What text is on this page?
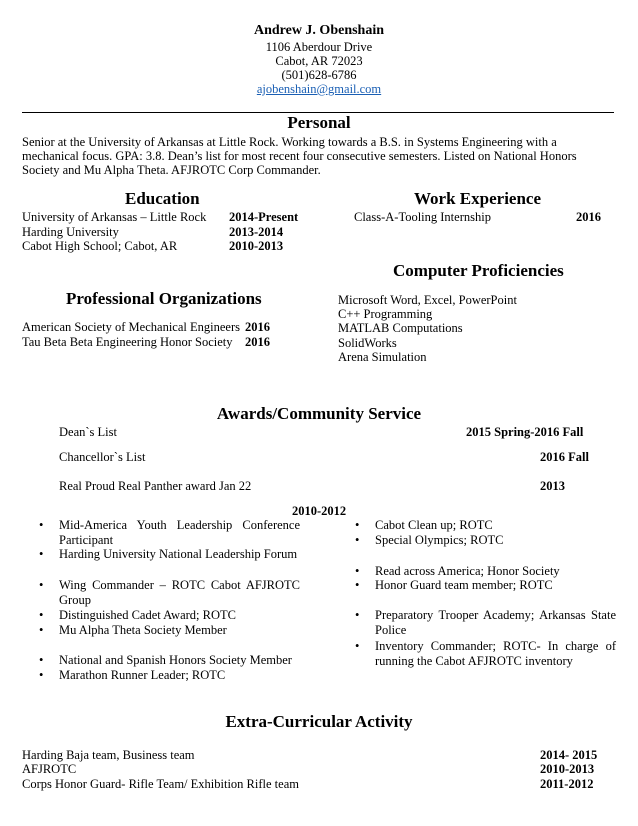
Andrew J. Obenshain
1106 Aberdour Drive
Cabot, AR 72023
(501)628-6786
ajobenshain@gmail.com
Personal
Senior at the University of Arkansas at Little Rock. Working towards a B.S. in Systems Engineering with a
mechanical focus. GPA: 3.8. Dean’s list for most recent four consecutive semesters. Listed on National Honors
Society and Mu Alpha Theta. AFJROTC Corp Commander.
Education
University of Arkansas – Little Rock 2014-Present
Harding University	2013-2014
Cabot High School; Cabot, AR	2010-2013
Work Experience
Class-A-Tooling Internship	2016
Computer Proficiencies
Microsoft Word, Excel, PowerPoint
C++ Programming
MATLAB Computations
SolidWorks
Arena Simulation
Professional Organizations
American Society of Mechanical Engineers 2016
Tau Beta Beta Engineering Honor Society 2016
Awards/Community Service
Dean`s List	2015 Spring-2016 Fall
Chancellor`s List	2016 Fall
Real Proud Real Panther award Jan 22	2013
2010-2012
• Mid-America Youth Leadership Conference Participant
• Harding University National Leadership Forum
• Wing Commander – ROTC Cabot AFJROTC Group
• Distinguished Cadet Award; ROTC
• Mu Alpha Theta Society Member
• National and Spanish Honors Society Member
• Marathon Runner Leader; ROTC
• Cabot Clean up; ROTC
• Special Olympics; ROTC
• Read across America; Honor Society
• Honor Guard team member; ROTC
• Preparatory Trooper Academy; Arkansas State Police
• Inventory Commander; ROTC- In charge of running the Cabot AFJROTC inventory
Extra-Curricular Activity
Harding Baja team, Business team	2014- 2015
AFJROTC	2010-2013
Corps Honor Guard- Rifle Team/ Exhibition Rifle team	2011-2012
